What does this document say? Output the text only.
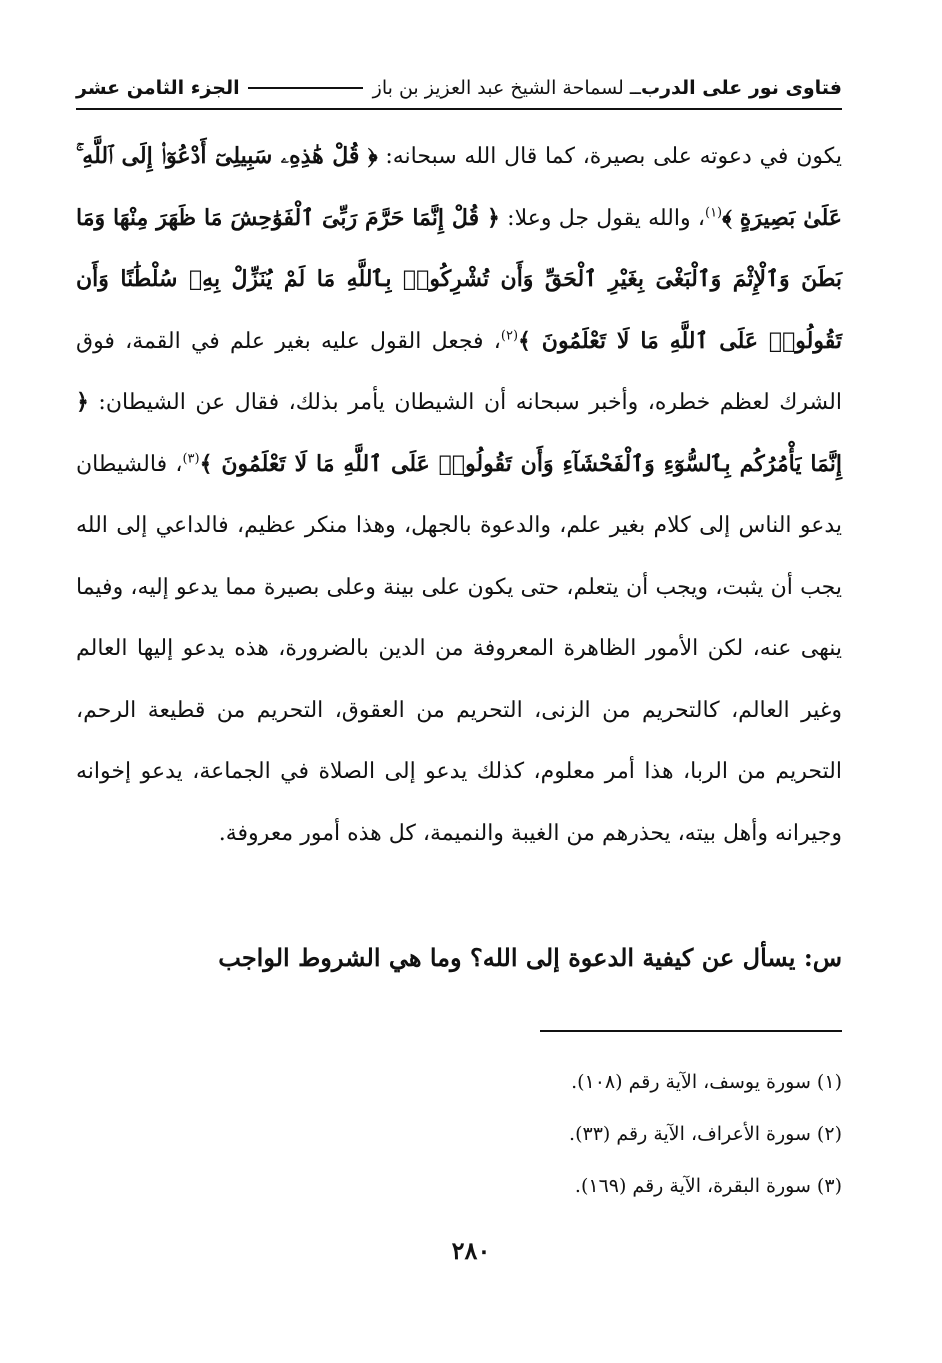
فتاوى نور على الدرب
ــ
لسماحة الشيخ عبد العزيز بن باز
الجزء الثامن عشر

يكون في دعوته على بصيرة، كما قال الله سبحانه: ﴿ قُلْ هَٰذِهِۦ سَبِيلِىٓ أَدْعُوٓا۟ إِلَى ٱللَّهِ ۚ عَلَىٰ بَصِيرَةٍ ﴾$^{(١)}$، والله يقول جل وعلا: ﴿ قُلْ إِنَّمَا حَرَّمَ رَبِّىَ ٱلْفَوَٰحِشَ مَا ظَهَرَ مِنْهَا وَمَا بَطَنَ وَٱلْإِثْمَ وَٱلْبَغْىَ بِغَيْرِ ٱلْحَقِّ وَأَن تُشْرِكُوا۟ بِٱللَّهِ مَا لَمْ يُنَزِّلْ بِهِۦ سُلْطَٰنًا وَأَن تَقُولُوا۟ عَلَى ٱللَّهِ مَا لَا تَعْلَمُونَ ﴾$^{(٢)}$، فجعل القول عليه بغير علم في القمة، فوق الشرك لعظم خطره، وأخبر سبحانه أن الشيطان يأمر بذلك، فقال عن الشيطان: ﴿ إِنَّمَا يَأْمُرُكُم بِٱلسُّوٓءِ وَٱلْفَحْشَآءِ وَأَن تَقُولُوا۟ عَلَى ٱللَّهِ مَا لَا تَعْلَمُونَ ﴾$^{(٣)}$، فالشيطان يدعو الناس إلى كلام بغير علم، والدعوة بالجهل، وهذا منكر عظيم، فالداعي إلى الله يجب أن يثبت، ويجب أن يتعلم، حتى يكون على بينة وعلى بصيرة مما يدعو إليه، وفيما ينهى عنه، لكن الأمور الظاهرة المعروفة من الدين بالضرورة، هذه يدعو إليها العالم وغير العالم، كالتحريم من الزنى، التحريم من العقوق، التحريم من قطيعة الرحم، التحريم من الربا، هذا أمر معلوم، كذلك يدعو إلى الصلاة في الجماعة، يدعو إخوانه وجيرانه وأهل بيته، يحذرهم من الغيبة والنميمة، كل هذه أمور معروفة.

س: يسأل عن كيفية الدعوة إلى الله؟ وما هي الشروط الواجب
(١) سورة يوسف، الآية رقم (١٠٨).
(٢) سورة الأعراف، الآية رقم (٣٣).
(٣) سورة البقرة، الآية رقم (١٦٩).
٢٨٠
